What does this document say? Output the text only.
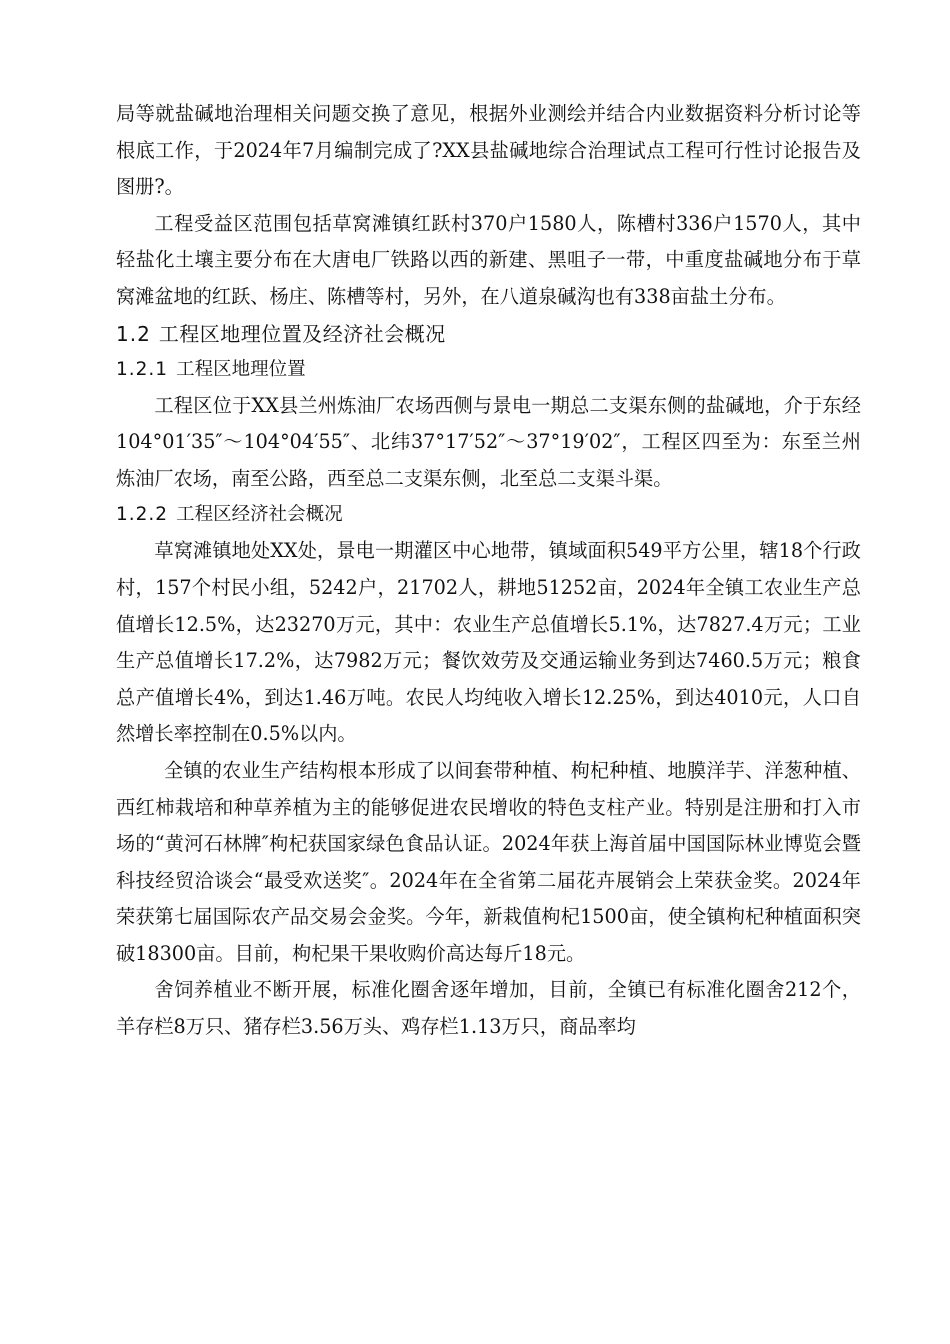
局等就盐碱地治理相关问题交换了意见，根据外业测绘并结合内业数据资料分析讨论等根底工作，于2024年7月编制完成了?XX县盐碱地综合治理试点工程可行性讨论报告及图册?。

工程受益区范围包括草窝滩镇红跃村370户1580人，陈槽村336户1570人，其中轻盐化土壤主要分布在大唐电厂铁路以西的新建、黑咀子一带，中重度盐碱地分布于草窝滩盆地的红跃、杨庄、陈槽等村，另外，在八道泉碱沟也有338亩盐土分布。

1.2 工程区地理位置及经济社会概况
1.2.1 工程区地理位置

工程区位于XX县兰州炼油厂农场西侧与景电一期总二支渠东侧的盐碱地，介于东经104°01′35″～104°04′55″、北纬37°17′52″～37°19′02″，工程区四至为：东至兰州炼油厂农场，南至公路，西至总二支渠东侧，北至总二支渠斗渠。

1.2.2 工程区经济社会概况

草窝滩镇地处XX处，景电一期灌区中心地带，镇域面积549平方公里，辖18个行政村，157个村民小组，5242户，21702人，耕地51252亩，2024年全镇工农业生产总值增长12.5%，达23270万元，其中：农业生产总值增长5.1%，达7827.4万元；工业生产总值增长17.2%，达7982万元；餐饮效劳及交通运输业务到达7460.5万元；粮食总产值增长4%，到达1.46万吨。农民人均纯收入增长12.25%，到达4010元，人口自然增长率控制在0.5%以内。

全镇的农业生产结构根本形成了以间套带种植、枸杞种植、地膜洋芋、洋葱种植、西红柿栽培和种草养植为主的能够促进农民增收的特色支柱产业。特别是注册和打入市场的“黄河石林牌″枸杞获国家绿色食品认证。2024年获上海首届中国国际林业博览会暨科技经贸洽谈会“最受欢送奖″。2024年在全省第二届花卉展销会上荣获金奖。2024年荣获第七届国际农产品交易会金奖。今年，新栽值枸杞1500亩，使全镇枸杞种植面积突破18300亩。目前，枸杞果干果收购价高达每斤18元。

舍饲养植业不断开展，标准化圈舍逐年增加，目前，全镇已有标准化圈舍212个，羊存栏8万只、猪存栏3.56万头、鸡存栏1.13万只，商品率均
